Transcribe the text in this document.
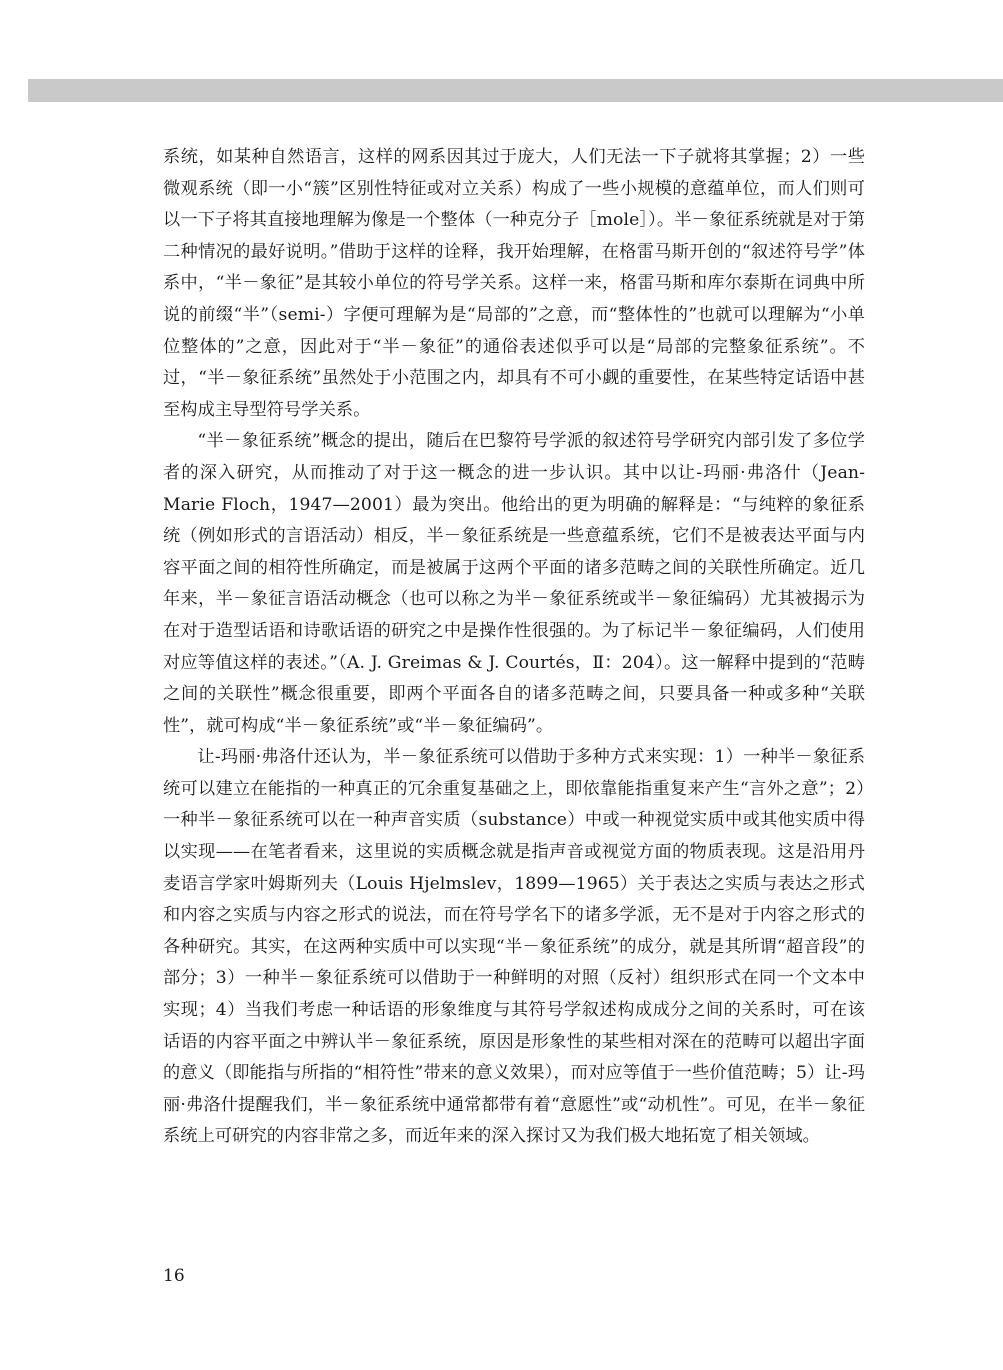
系统，如某种自然语言，这样的网系因其过于庞大，人们无法一下子就将其掌握；2）一些微观系统（即一小“簇”区别性特征或对立关系）构成了一些小规模的意蕴单位，而人们则可以一下子将其直接地理解为像是一个整体（一种克分子［mole］）。半－象征系统就是对于第二种情况的最好说明。”借助于这样的诠释，我开始理解，在格雷马斯开创的“叙述符号学”体系中，“半－象征”是其较小单位的符号学关系。这样一来，格雷马斯和库尔泰斯在词典中所说的前缀“半”（semi-）字便可理解为是“局部的”之意，而“整体性的”也就可以理解为“小单位整体的”之意，因此对于“半－象征”的通俗表述似乎可以是“局部的完整象征系统”。不过，“半－象征系统”虽然处于小范围之内，却具有不可小觑的重要性，在某些特定话语中甚至构成主导型符号学关系。

“半－象征系统”概念的提出，随后在巴黎符号学派的叙述符号学研究内部引发了多位学者的深入研究，从而推动了对于这一概念的进一步认识。其中以让-玛丽·弗洛什（Jean-Marie Floch，1947—2001）最为突出。他给出的更为明确的解释是：“与纯粹的象征系统（例如形式的言语活动）相反，半－象征系统是一些意蕴系统，它们不是被表达平面与内容平面之间的相符性所确定，而是被属于这两个平面的诸多范畴之间的关联性所确定。近几年来，半－象征言语活动概念（也可以称之为半－象征系统或半－象征编码）尤其被揭示为在对于造型话语和诗歌话语的研究之中是操作性很强的。为了标记半－象征编码，人们使用对应等值这样的表述。”（A. J. Greimas & J. Courtés，Ⅱ：204）。这一解释中提到的“范畴之间的关联性”概念很重要，即两个平面各自的诸多范畴之间，只要具备一种或多种“关联性”，就可构成“半－象征系统”或“半－象征编码”。

让-玛丽·弗洛什还认为，半－象征系统可以借助于多种方式来实现：1）一种半－象征系统可以建立在能指的一种真正的冗余重复基础之上，即依靠能指重复来产生“言外之意”；2）一种半－象征系统可以在一种声音实质（substance）中或一种视觉实质中或其他实质中得以实现——在笔者看来，这里说的实质概念就是指声音或视觉方面的物质表现。这是沿用丹麦语言学家叶姆斯列夫（Louis Hjelmslev，1899—1965）关于表达之实质与表达之形式和内容之实质与内容之形式的说法，而在符号学名下的诸多学派，无不是对于内容之形式的各种研究。其实，在这两种实质中可以实现“半－象征系统”的成分，就是其所谓“超音段”的部分；3）一种半－象征系统可以借助于一种鲜明的对照（反衬）组织形式在同一个文本中实现；4）当我们考虑一种话语的形象维度与其符号学叙述构成成分之间的关系时，可在该话语的内容平面之中辨认半－象征系统，原因是形象性的某些相对深在的范畴可以超出字面的意义（即能指与所指的“相符性”带来的意义效果），而对应等值于一些价值范畴；5）让-玛丽·弗洛什提醒我们，半－象征系统中通常都带有着“意愿性”或“动机性”。可见，在半－象征系统上可研究的内容非常之多，而近年来的深入探讨又为我们极大地拓宽了相关领域。

16
